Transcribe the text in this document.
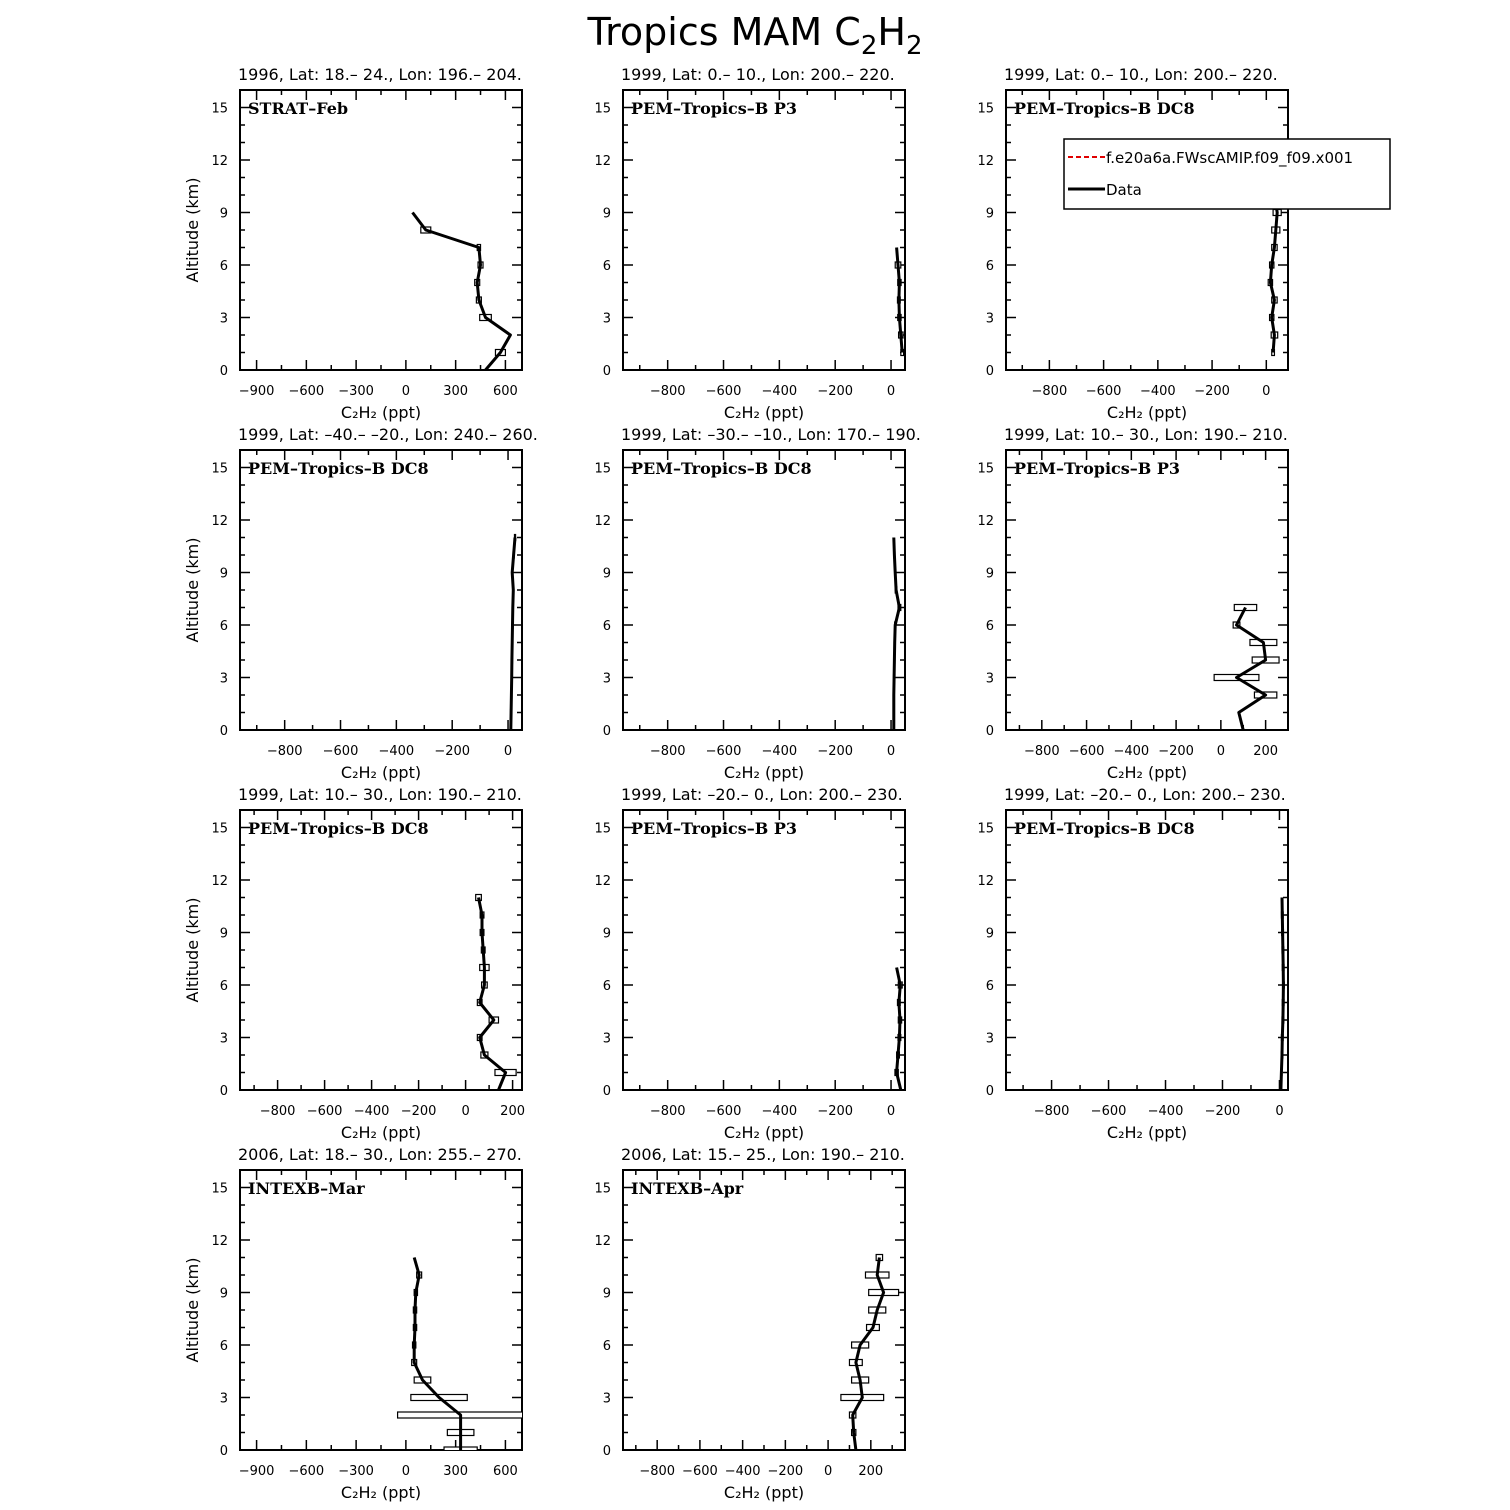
Tropics MAM $C_2H_2$
1996, Lat: 18.– 24., Lon: 196.– 204.
STRAT–Feb
0
3
6
9
12
15
−900 −600 −300 0	300 600
C₂H₂ (ppt)
Altitude (km)
1999, Lat: 0.– 10., Lon: 200.– 220.
PEM–Tropics–B P3
0
3
6
9
12
15
−800 −600 −400 −200	0
C₂H₂ (ppt)
1999, Lat: 0.– 10., Lon: 200.– 220.
PEM–Tropics–B DC8
0
3
6
9
12
15
−800 −600 −400 −200 0
C₂H₂ (ppt)
1999, Lat: –40.– –20., Lon: 240.– 260.
PEM–Tropics–B DC8
0
3
6
9
12
15
−800 −600 −400 −200	0
C₂H₂ (ppt)
Altitude (km)
1999, Lat: –30.– –10., Lon: 170.– 190.
PEM–Tropics–B DC8
0
3
6
9
12
15
−800 −600 −400 −200	0
C₂H₂ (ppt)
1999, Lat: 10.– 30., Lon: 190.– 210.
PEM–Tropics–B P3
0
3
6
9
12
15
−800 −600 −400 −200 0 200
C₂H₂ (ppt)
1999, Lat: 10.– 30., Lon: 190.– 210.
PEM–Tropics–B DC8
0
3
6
9
12
15
−800 −600 −400 −200 0 200
C₂H₂ (ppt)
Altitude (km)
1999, Lat: –20.– 0., Lon: 200.– 230.
PEM–Tropics–B P3
0
3
6
9
12
15
−800 −600 −400 −200	0
C₂H₂ (ppt)
1999, Lat: –20.– 0., Lon: 200.– 230.
PEM–Tropics–B DC8
0
3
6
9
12
15
−800 −600 −400 −200	0
C₂H₂ (ppt)
2006, Lat: 18.– 30., Lon: 255.– 270.
INTEXB–Mar
0
3
6
9
12
15
−900 −600 −300 0	300 600
C₂H₂ (ppt)
Altitude (km)
2006, Lat: 15.– 25., Lon: 190.– 210.
INTEXB–Apr
0
3
6
9
12
15
−800 −600 −400 −200 0 200
C₂H₂ (ppt)
f.e20a6a.FWscAMIP.f09_f09.x001
Data
